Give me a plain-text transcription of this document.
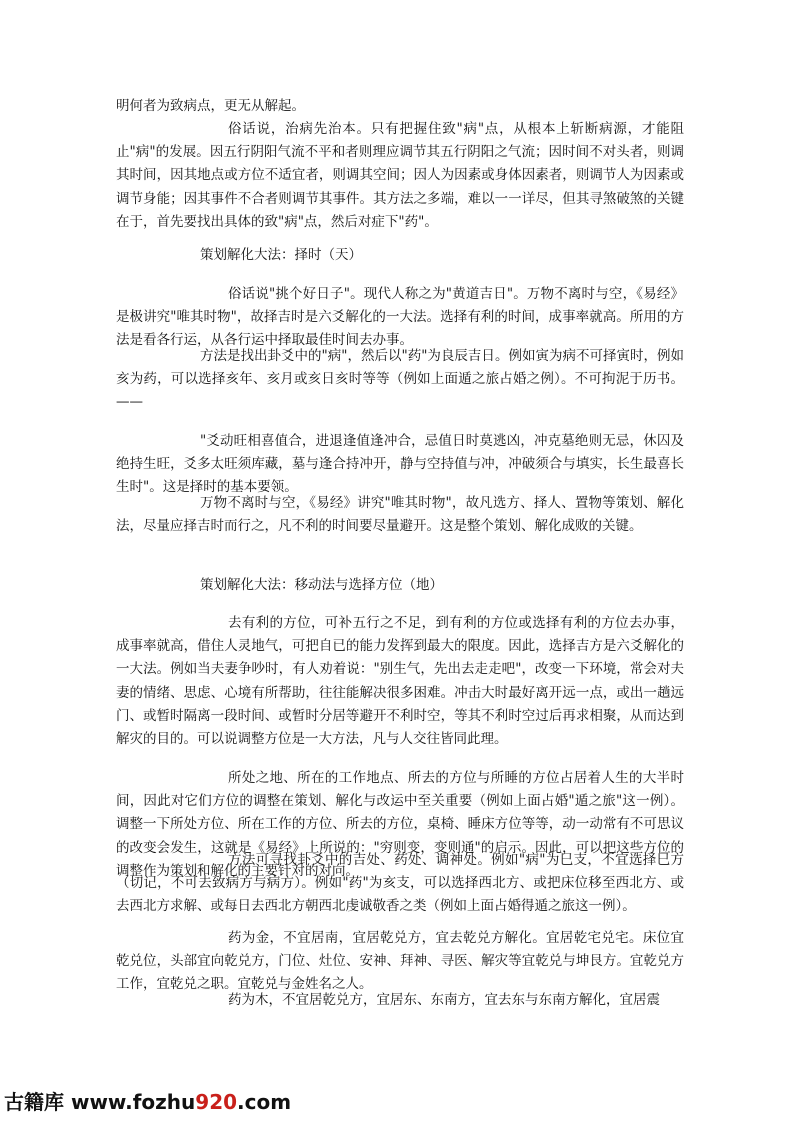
明何者为致病点，更无从解起。
俗话说，治病先治本。只有把握住致"病"点，从根本上斩断病源，才能阻止"病"的发展。因五行阴阳气流不平和者则理应调节其五行阴阳之气流；因时间不对头者，则调其时间，因其地点或方位不适宜者，则调其空间；因人为因素或身体因素者，则调节人为因素或调节身能；因其事件不合者则调节其事件。其方法之多端，难以一一详尽，但其寻煞破煞的关键在于，首先要找出具体的致"病"点，然后对症下"药"。
策划解化大法：择时（天）
俗话说"挑个好日子"。现代人称之为"黄道吉日"。万物不离时与空，《易经》是极讲究"唯其时物"，故择吉时是六爻解化的一大法。选择有利的时间，成事率就高。所用的方法是看各行运，从各行运中择取最佳时间去办事。
方法是找出卦爻中的"病"，然后以"药"为良辰吉日。例如寅为病不可择寅时，例如亥为药，可以选择亥年、亥月或亥日亥时等等（例如上面遁之旅占婚之例）。不可拘泥于历书。——
"爻动旺相喜值合，进退逢值逢冲合，忌值日时莫逃凶，冲克墓绝则无忌，休囚及绝持生旺，爻多太旺须库藏，墓与逢合持冲开，静与空持值与冲，冲破须合与填实，长生最喜长生时"。这是择时的基本要领。
万物不离时与空，《易经》讲究"唯其时物"，故凡选方、择人、置物等策划、解化法，尽量应择吉时而行之，凡不利的时间要尽量避开。这是整个策划、解化成败的关键。
策划解化大法：移动法与选择方位（地）
去有利的方位，可补五行之不足，到有利的方位或选择有利的方位去办事，成事率就高，借住人灵地气，可把自已的能力发挥到最大的限度。因此，选择吉方是六爻解化的一大法。例如当夫妻争吵时，有人劝着说："别生气，先出去走走吧"，改变一下环境，常会对夫妻的情绪、思虑、心境有所帮助，往往能解决很多困难。冲击大时最好离开远一点，或出一趟远门、或暂时隔离一段时间、或暂时分居等避开不利时空，等其不利时空过后再求相聚，从而达到解灾的目的。可以说调整方位是一大方法，凡与人交往皆同此理。
所处之地、所在的工作地点、所去的方位与所睡的方位占居着人生的大半时间，因此对它们方位的调整在策划、解化与改运中至关重要（例如上面占婚"遁之旅"这一例）。调整一下所处方位、所在工作的方位、所去的方位，桌椅、睡床方位等等，动一动常有不可思议的改变会发生，这就是《易经》上所说的："穷则变，变则通"的启示。因此，可以把这些方位的调整作为策划和解化的主要针对的对向。
方法可寻找卦爻中的吉处、药处、调神处。例如"病"为巳支，不宜选择巳方（切记，不可去致病方与病方）。例如"药"为亥支，可以选择西北方、或把床位移至西北方、或去西北方求解、或每日去西北方朝西北虔诚敬香之类（例如上面占婚得遁之旅这一例）。
药为金，不宜居南，宜居乾兑方，宜去乾兑方解化。宜居乾宅兑宅。床位宜乾兑位，头部宜向乾兑方，门位、灶位、安神、拜神、寻医、解灾等宜乾兑与坤艮方。宜乾兑方工作，宜乾兑之职。宜乾兑与金姓名之人。
药为木，不宜居乾兑方，宜居东、东南方，宜去东与东南方解化，宜居震
古籍库 www.fozhu920.com
